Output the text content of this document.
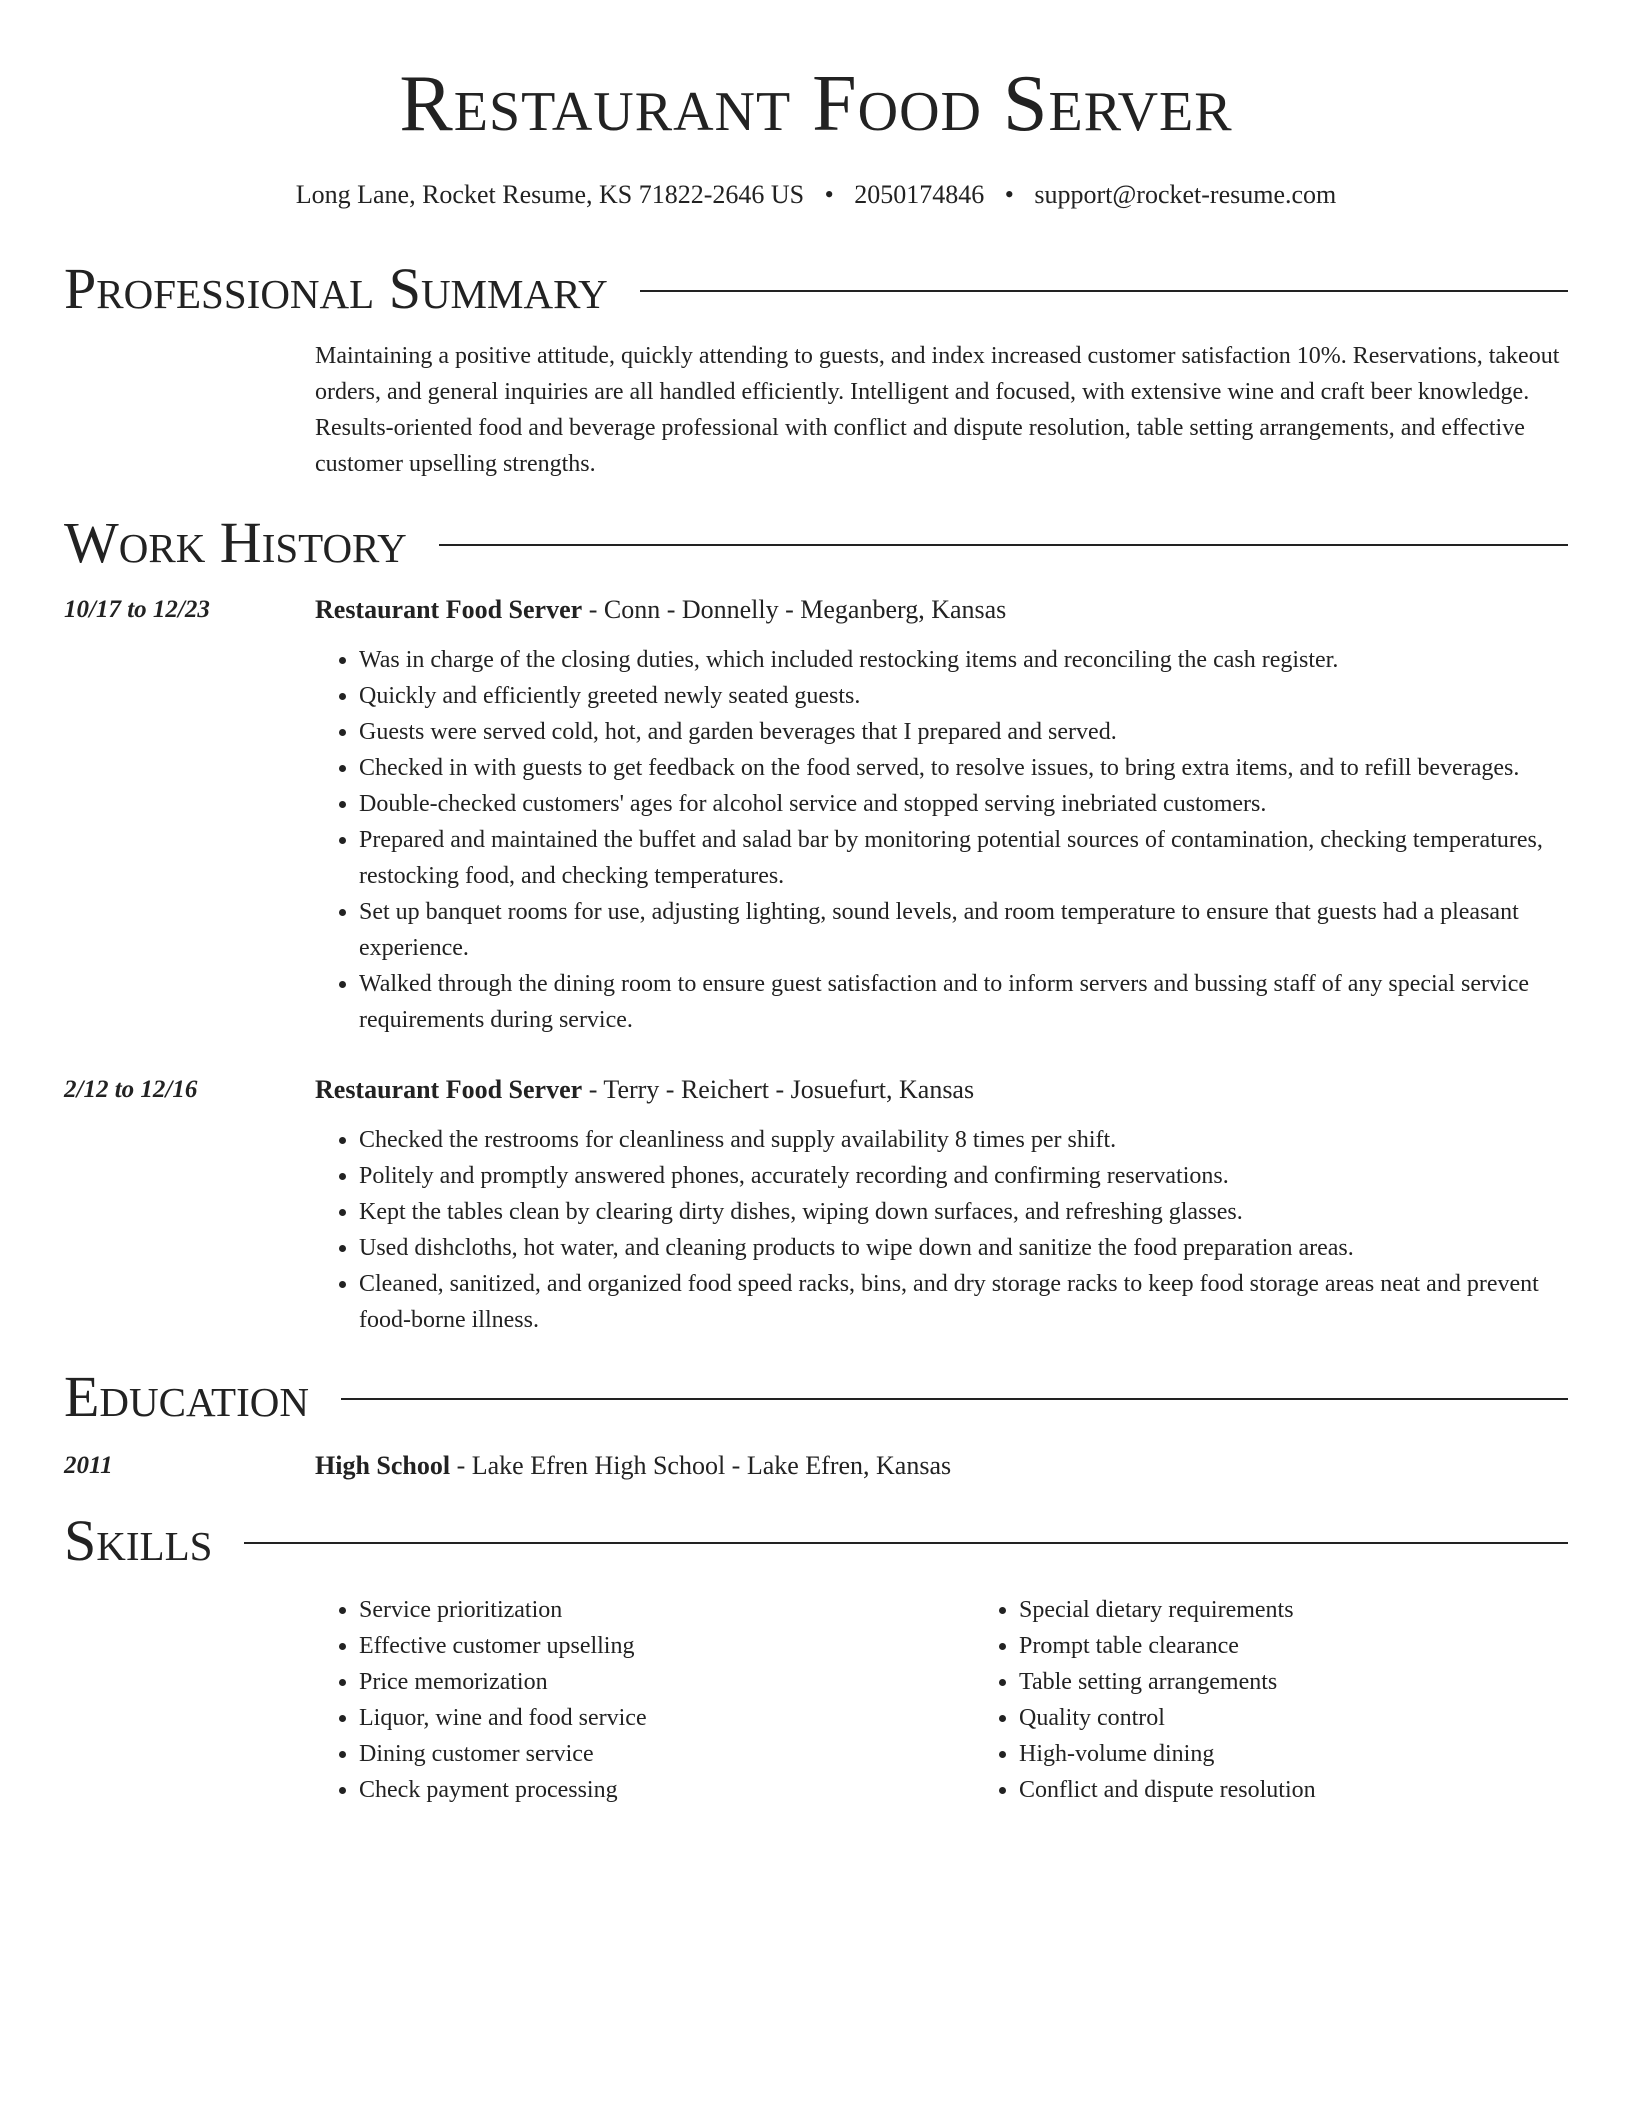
Restaurant Food Server
Long Lane, Rocket Resume, KS 71822-2646 US • 2050174846 • support@rocket-resume.com
Professional Summary
Maintaining a positive attitude, quickly attending to guests, and index increased customer satisfaction 10%. Reservations, takeout orders, and general inquiries are all handled efficiently. Intelligent and focused, with extensive wine and craft beer knowledge. Results-oriented food and beverage professional with conflict and dispute resolution, table setting arrangements, and effective customer upselling strengths.
Work History
10/17 to 12/23	Restaurant Food Server - Conn - Donnelly - Meganberg, Kansas
• Was in charge of the closing duties, which included restocking items and reconciling the cash register.
• Quickly and efficiently greeted newly seated guests.
• Guests were served cold, hot, and garden beverages that I prepared and served.
• Checked in with guests to get feedback on the food served, to resolve issues, to bring extra items, and to refill beverages.
• Double-checked customers' ages for alcohol service and stopped serving inebriated customers.
• Prepared and maintained the buffet and salad bar by monitoring potential sources of contamination, checking temperatures, restocking food, and checking temperatures.
• Set up banquet rooms for use, adjusting lighting, sound levels, and room temperature to ensure that guests had a pleasant experience.
• Walked through the dining room to ensure guest satisfaction and to inform servers and bussing staff of any special service requirements during service.
2/12 to 12/16	Restaurant Food Server - Terry - Reichert - Josuefurt, Kansas
• Checked the restrooms for cleanliness and supply availability 8 times per shift.
• Politely and promptly answered phones, accurately recording and confirming reservations.
• Kept the tables clean by clearing dirty dishes, wiping down surfaces, and refreshing glasses.
• Used dishcloths, hot water, and cleaning products to wipe down and sanitize the food preparation areas.
• Cleaned, sanitized, and organized food speed racks, bins, and dry storage racks to keep food storage areas neat and prevent food-borne illness.
Education
2011	High School - Lake Efren High School - Lake Efren, Kansas
Skills
• Service prioritization
• Effective customer upselling
• Price memorization
• Liquor, wine and food service
• Dining customer service
• Check payment processing
• Special dietary requirements
• Prompt table clearance
• Table setting arrangements
• Quality control
• High-volume dining
• Conflict and dispute resolution
